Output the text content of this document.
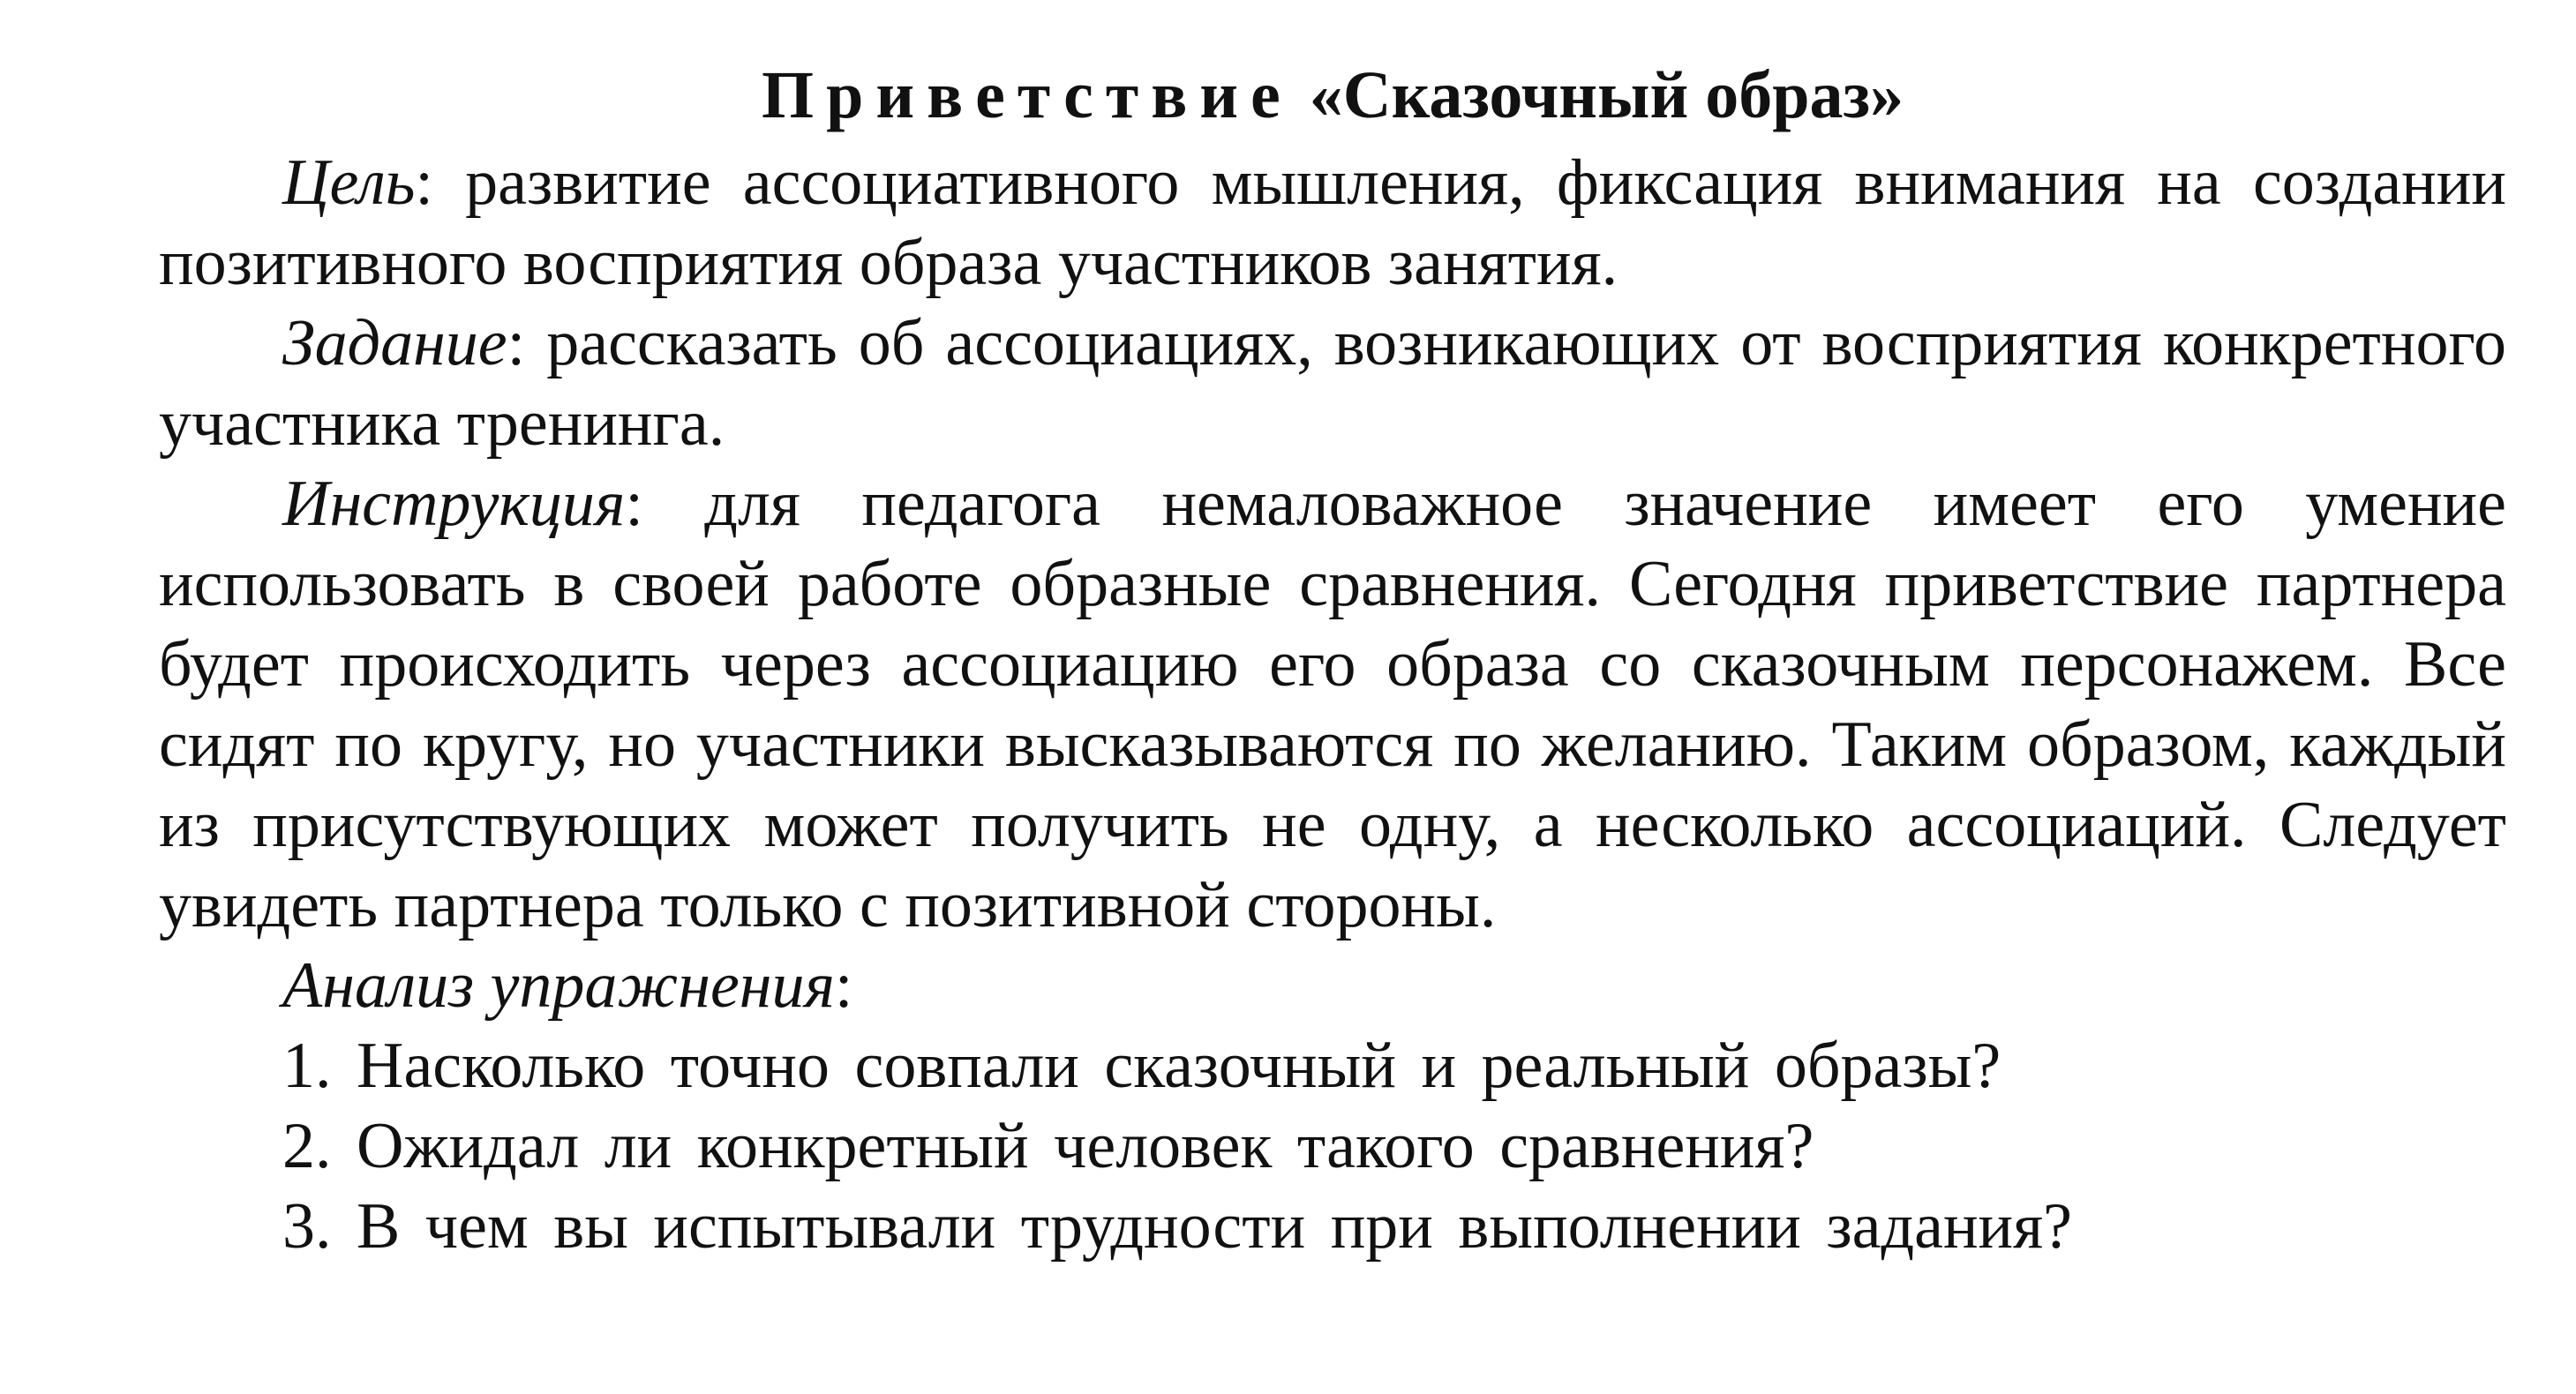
Приветствие «Сказочный образ»

Цель: развитие ассоциативного мышления, фиксация внимания на создании позитивного восприятия образа участников занятия.

Задание: рассказать об ассоциациях, возникающих от восприятия конкретного участника тренинга.

Инструкция: для педагога немаловажное значение имеет его умение использовать в своей работе образные сравнения. Сегодня приветствие партнера будет происходить через ассоциацию его образа со сказочным персонажем. Все сидят по кругу, но участники высказываются по желанию. Таким образом, каждый из присутствующих может получить не одну, а несколько ассоциаций. Следует увидеть партнера только с позитивной стороны.

Анализ упражнения:

1. Насколько точно совпали сказочный и реальный образы?
2. Ожидал ли конкретный человек такого сравнения?
3. В чем вы испытывали трудности при выполнении задания?
